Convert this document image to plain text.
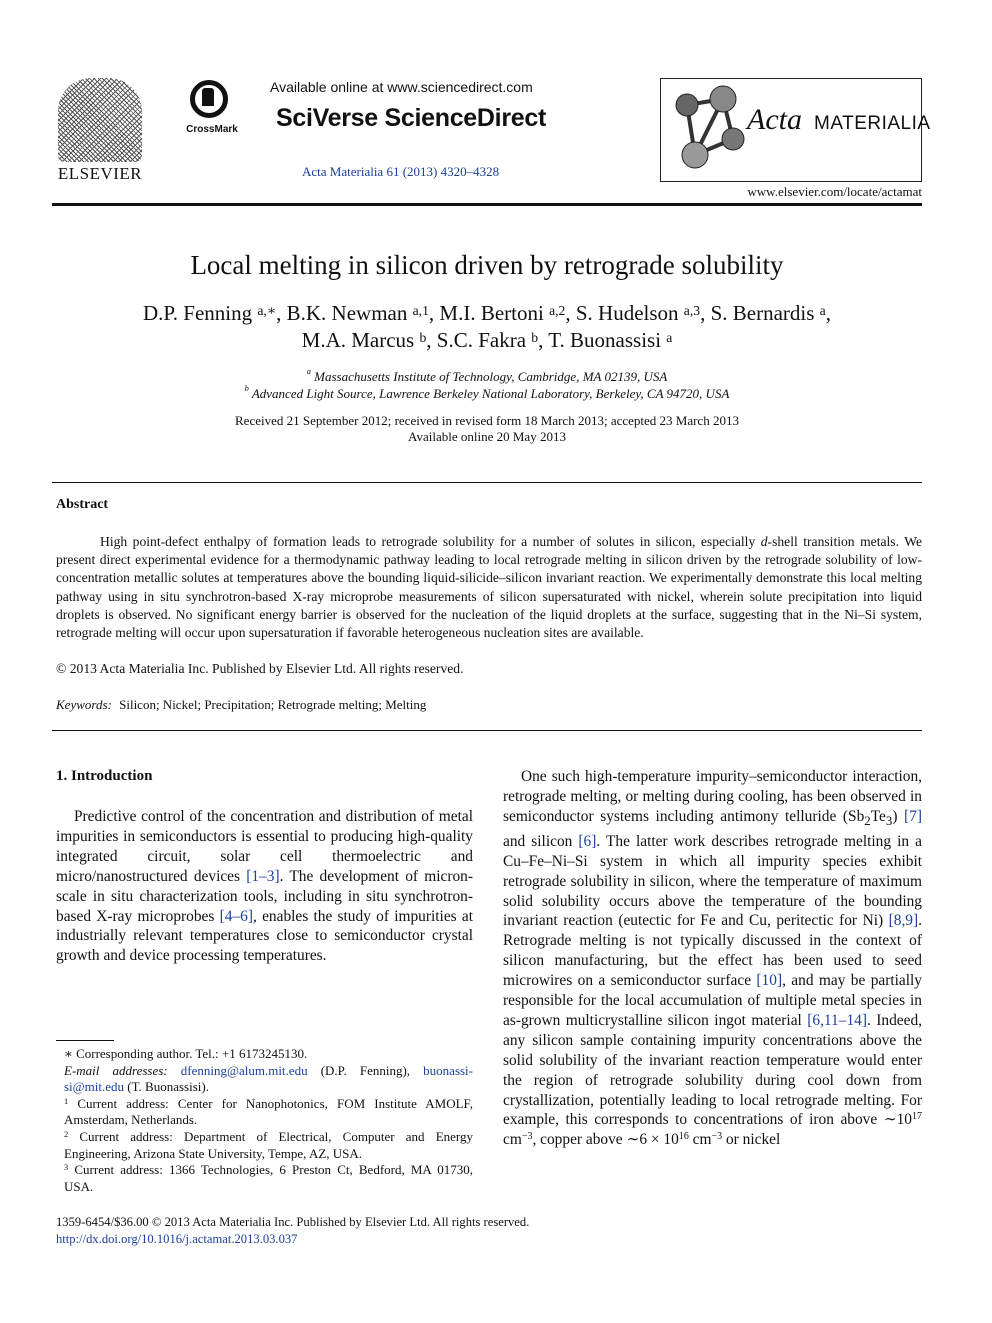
ELSEVIER
CrossMark
Available online at www.sciencedirect.com
SciVerse ScienceDirect
Acta Materialia 61 (2013) 4320–4328
Acta MATERIALIA
www.elsevier.com/locate/actamat
Local melting in silicon driven by retrograde solubility
D.P. Fenning $^{a,∗}$, B.K. Newman $^{a,1}$, M.I. Bertoni $^{a,2}$, S. Hudelson $^{a,3}$, S. Bernardis $^a$,
M.A. Marcus $^b$, S.C. Fakra $^b$, T. Buonassisi $^a$
$^a$ Massachusetts Institute of Technology, Cambridge, MA 02139, USA
$^b$ Advanced Light Source, Lawrence Berkeley National Laboratory, Berkeley, CA 94720, USA
Received 21 September 2012; received in revised form 18 March 2013; accepted 23 March 2013
Available online 20 May 2013
Abstract
High point-defect enthalpy of formation leads to retrograde solubility for a number of solutes in silicon, especially d-shell transition metals. We present direct experimental evidence for a thermodynamic pathway leading to local retrograde melting in silicon driven by the retrograde solubility of low-concentration metallic solutes at temperatures above the bounding liquid-silicide–silicon invariant reaction. We experimentally demonstrate this local melting pathway using in situ synchrotron-based X-ray microprobe measurements of silicon supersaturated with nickel, wherein solute precipitation into liquid droplets is observed. No significant energy barrier is observed for the nucleation of the liquid droplets at the surface, suggesting that in the Ni–Si system, retrograde melting will occur upon supersaturation if favorable heterogeneous nucleation sites are available.
© 2013 Acta Materialia Inc. Published by Elsevier Ltd. All rights reserved.
Keywords: Silicon; Nickel; Precipitation; Retrograde melting; Melting
1. Introduction
Predictive control of the concentration and distribution of metal impurities in semiconductors is essential to producing high-quality integrated circuit, solar cell thermoelectric and micro/nanostructured devices [1–3]. The development of micron-scale in situ characterization tools, including in situ synchrotron-based X-ray microprobes [4–6], enables the study of impurities at industrially relevant temperatures close to semiconductor crystal growth and device processing temperatures.
One such high-temperature impurity–semiconductor interaction, retrograde melting, or melting during cooling, has been observed in semiconductor systems including antimony telluride $(Sb_2Te_3)$ [7] and silicon [6]. The latter work describes retrograde melting in a Cu–Fe–Ni–Si system in which all impurity species exhibit retrograde solubility in silicon, where the temperature of maximum solid solubility occurs above the temperature of the bounding invariant reaction (eutectic for Fe and Cu, peritectic for Ni) [8,9]. Retrograde melting is not typically discussed in the context of silicon manufacturing, but the effect has been used to seed microwires on a semiconductor surface [10], and may be partially responsible for the local accumulation of multiple metal species in as-grown multicrystalline silicon ingot material [6,11–14]. Indeed, any silicon sample containing impurity concentrations above the solid solubility of the invariant reaction temperature would enter the region of retrograde solubility during cool down from crystallization, potentially leading to local retrograde melting. For example, this corresponds to concentrations of iron above $\sim 10^{17}$ $cm^{-3}$, copper above ∼6 × $10^{16}$ $cm^{-3}$ or nickel
∗ Corresponding author. Tel.: +1 6173245130.
E-mail addresses: dfenning@alum.mit.edu (D.P. Fenning), buonassi-si@mit.edu (T. Buonassisi).
$^1$ Current address: Center for Nanophotonics, FOM Institute AMOLF, Amsterdam, Netherlands.
$^2$ Current address: Department of Electrical, Computer and Energy Engineering, Arizona State University, Tempe, AZ, USA.
$^3$ Current address: 1366 Technologies, 6 Preston Ct, Bedford, MA 01730, USA.
1359-6454/$36.00 © 2013 Acta Materialia Inc. Published by Elsevier Ltd. All rights reserved.
http://dx.doi.org/10.1016/j.actamat.2013.03.037
